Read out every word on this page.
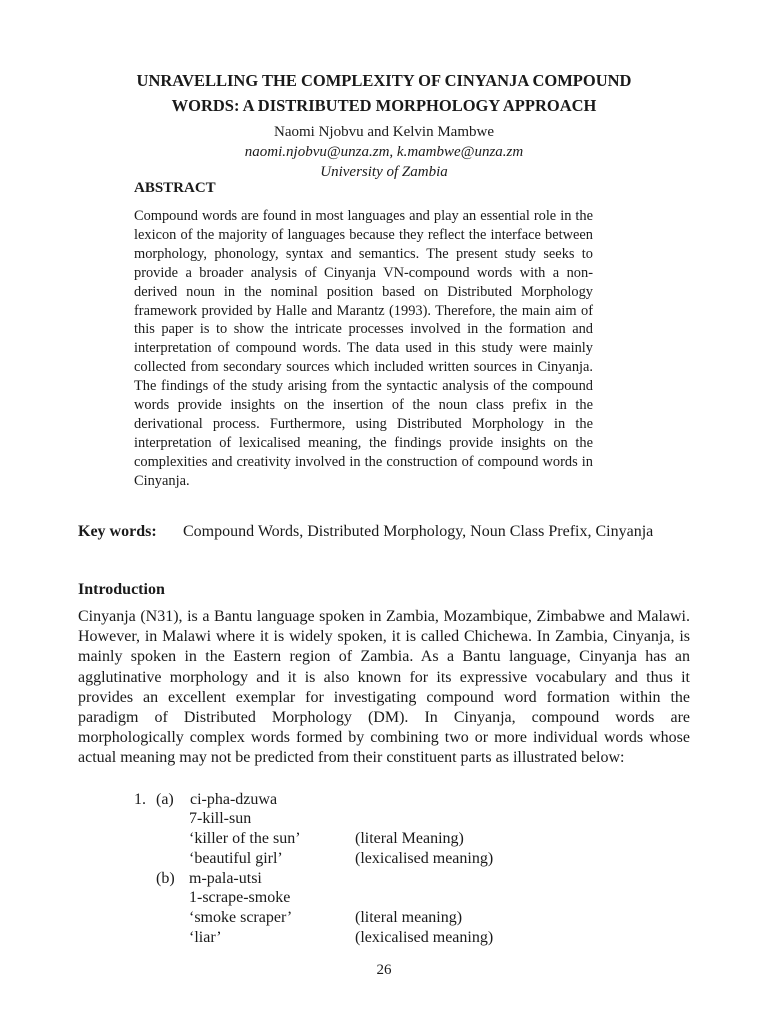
UNRAVELLING THE COMPLEXITY OF CINYANJA COMPOUND
WORDS: A DISTRIBUTED MORPHOLOGY APPROACH
Naomi Njobvu and Kelvin Mambwe
naomi.njobvu@unza.zm, k.mambwe@unza.zm
University of Zambia
ABSTRACT

Compound words are found in most languages and play an essential role in the lexicon of the majority of languages because they reflect the interface between morphology, phonology, syntax and semantics. The present study seeks to provide a broader analysis of Cinyanja VN-compound words with a non-derived noun in the nominal position based on Distributed Morphology framework provided by Halle and Marantz (1993). Therefore, the main aim of this paper is to show the intricate processes involved in the formation and interpretation of compound words. The data used in this study were mainly collected from secondary sources which included written sources in Cinyanja. The findings of the study arising from the syntactic analysis of the compound words provide insights on the insertion of the noun class prefix in the derivational process. Furthermore, using Distributed Morphology in the interpretation of lexicalised meaning, the findings provide insights on the complexities and creativity involved in the construction of compound words in Cinyanja.

Key words:	Compound Words, Distributed Morphology, Noun Class Prefix, Cinyanja
Introduction

Cinyanja (N31), is a Bantu language spoken in Zambia, Mozambique, Zimbabwe and Malawi. However, in Malawi where it is widely spoken, it is called Chichewa. In Zambia, Cinyanja, is mainly spoken in the Eastern region of Zambia. As a Bantu language, Cinyanja has an agglutinative morphology and it is also known for its expressive vocabulary and thus it provides an excellent exemplar for investigating compound word formation within the paradigm of Distributed Morphology (DM). In Cinyanja, compound words are morphologically complex words formed by combining two or more individual words whose actual meaning may not be predicted from their constituent parts as illustrated below:

1. (a) ci-pha-dzuwa
7-kill-sun
‘killer of the sun’	(literal Meaning)
‘beautiful girl’	(lexicalised meaning)
(b) m-pala-utsi
1-scrape-smoke
‘smoke scraper’	(literal meaning)
‘liar’	(lexicalised meaning)
26
